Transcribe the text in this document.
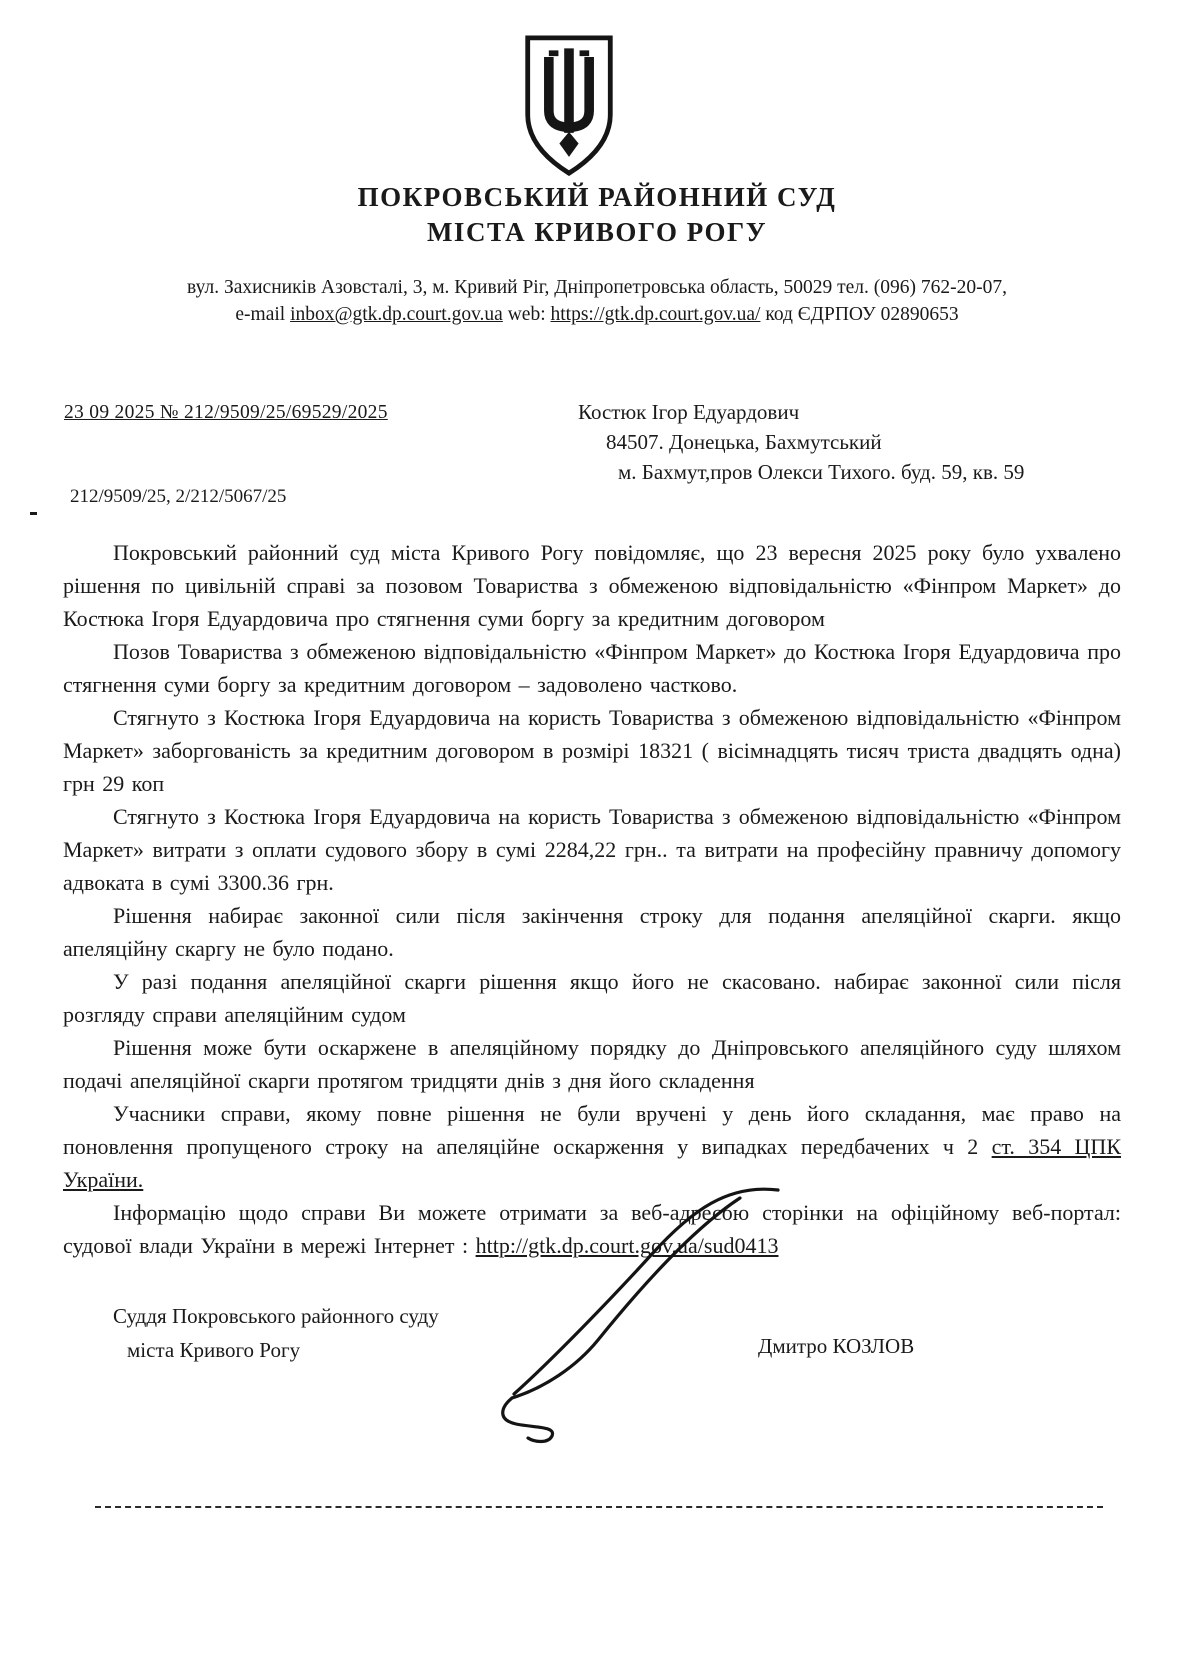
ПОКРОВСЬКИЙ РАЙОННИЙ СУД
МІСТА КРИВОГО РОГУ
вул. Захисників Азовсталі, 3, м. Кривий Ріг, Дніпропетровська область, 50029 тел. (096) 762-20-07,
e-mail inbox@gtk.dp.court.gov.ua web: https://gtk.dp.court.gov.ua/ код ЄДРПОУ 02890653
23 09 2025 № 212/9509/25/69529/2025	Костюк Ігор Едуардович
84507. Донецька, Бахмутський
м. Бахмут,пров Олекси Тихого. буд. 59, кв. 59
212/9509/25, 2/212/5067/25

Покровський районний суд міста Кривого Рогу повідомляє, що 23 вересня 2025 року було ухвалено рішення по цивільній справі за позовом Товариства з обмеженою відповідальністю «Фінпром Маркет» до Костюка Ігоря Едуардовича про стягнення суми боргу за кредитним договором

Позов Товариства з обмеженою відповідальністю «Фінпром Маркет» до Костюка Ігоря Едуардовича про стягнення суми боргу за кредитним договором – задоволено частково.

Стягнуто з Костюка Ігоря Едуардовича на користь Товариства з обмеженою відповідальністю «Фінпром Маркет» заборгованість за кредитним договором в розмірі 18321 ( вісімнадцять тисяч триста двадцять одна) грн 29 коп

Стягнуто з Костюка Ігоря Едуардовича на користь Товариства з обмеженою відповідальністю «Фінпром Маркет» витрати з оплати судового збору в сумі 2284,22 грн.. та витрати на професійну правничу допомогу адвоката в сумі 3300.36 грн.

Рішення набирає законної сили після закінчення строку для подання апеляційної скарги. якщо апеляційну скаргу не було подано.

У разі подання апеляційної скарги рішення якщо його не скасовано. набирає законної сили після розгляду справи апеляційним судом

Рішення може бути оскаржене в апеляційному порядку до Дніпровського апеляційного суду шляхом подачі апеляційної скарги протягом тридцяти днів з дня його складення

Учасники справи, якому повне рішення не були вручені у день його складання, має право на поновлення пропущеного строку на апеляційне оскарження у випадках передбачених ч 2 ст. 354 ЦПК України.

Інформацію щодо справи Ви можете отримати за веб-адресою сторінки на офіційному веб-портал: судової влади України в мережі Інтернет : http://gtk.dp.court.gov.ua/sud0413

Суддя Покровського районного суду
міста Кривого Рогу	Дмитро КОЗЛОВ
